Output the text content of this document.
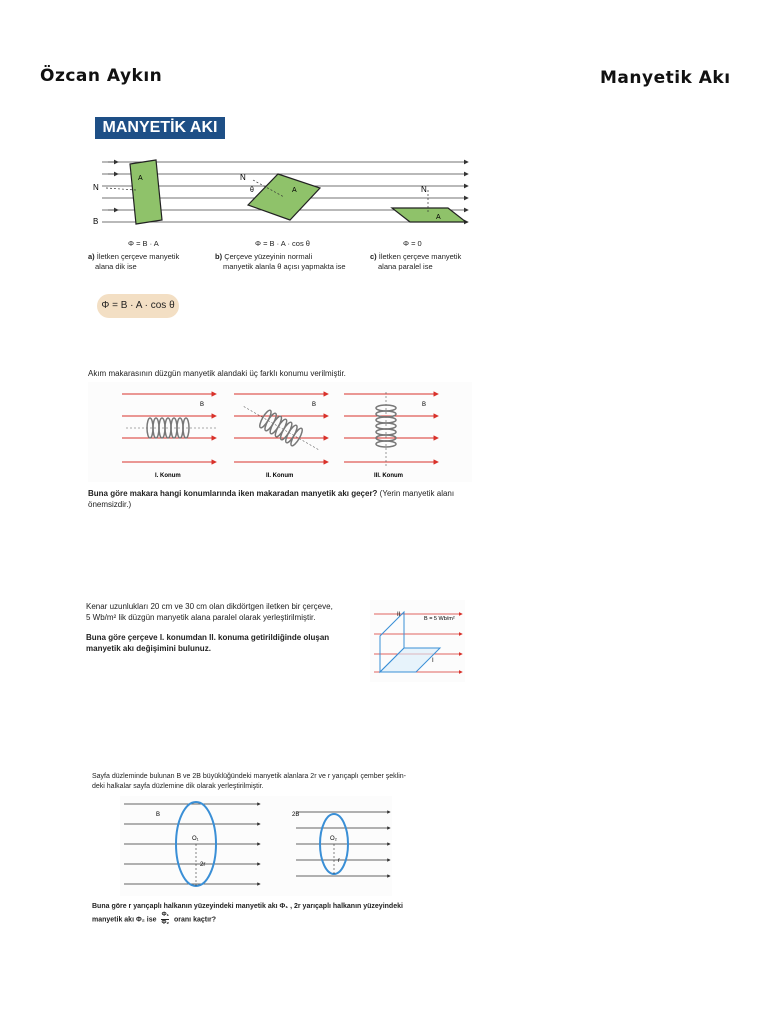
Özcan Aykın	Manyetik Akı
MANYETİK AKI
N
B
A	N
θ	A	N
A
Φ = B · A	Φ = B · A · cos θ	Φ = 0
a) İletken çerçeve manyetik
alana dik ise
b) Çerçeve yüzeyinin normali
manyetik alanla θ açısı yapmakta ise
c) İletken çerçeve manyetik
alana paralel ise
Φ = B · A · cos θ
Akım makarasının düzgün manyetik alandaki üç farklı konumu verilmiştir.
B	B	B
I. Konum	II. Konum	III. Konum
Buna göre makara hangi konumlarında iken makaradan manyetik akı geçer? (Yerin manyetik alanı
önemsizdir.)
Kenar uzunlukları 20 cm ve 30 cm olan dikdörtgen iletken bir çerçeve,
5 Wb/m² lik düzgün manyetik alana paralel olarak yerleştirilmiştir.
Buna göre çerçeve I. konumdan II. konuma getirildiğinde oluşan
manyetik akı değişimini bulunuz.
II
I
B = 5 Wb/m²
Sayfa düzleminde bulunan B ve 2B büyüklüğündeki manyetik alanlara 2r ve r yarıçaplı çember şeklin-
deki halkalar sayfa düzlemine dik olarak yerleştirilmiştir.
B	2B
O₁
2r
O₂
r
Buna göre r yarıçaplı halkanın yüzeyindeki manyetik akı Φ₁ , 2r yarıçaplı halkanın yüzeyindeki
manyetik akı Φ₂ ise $\frac{\text{Φ₁}}{\text{Φ₂}}$ oranı kaçtır?
